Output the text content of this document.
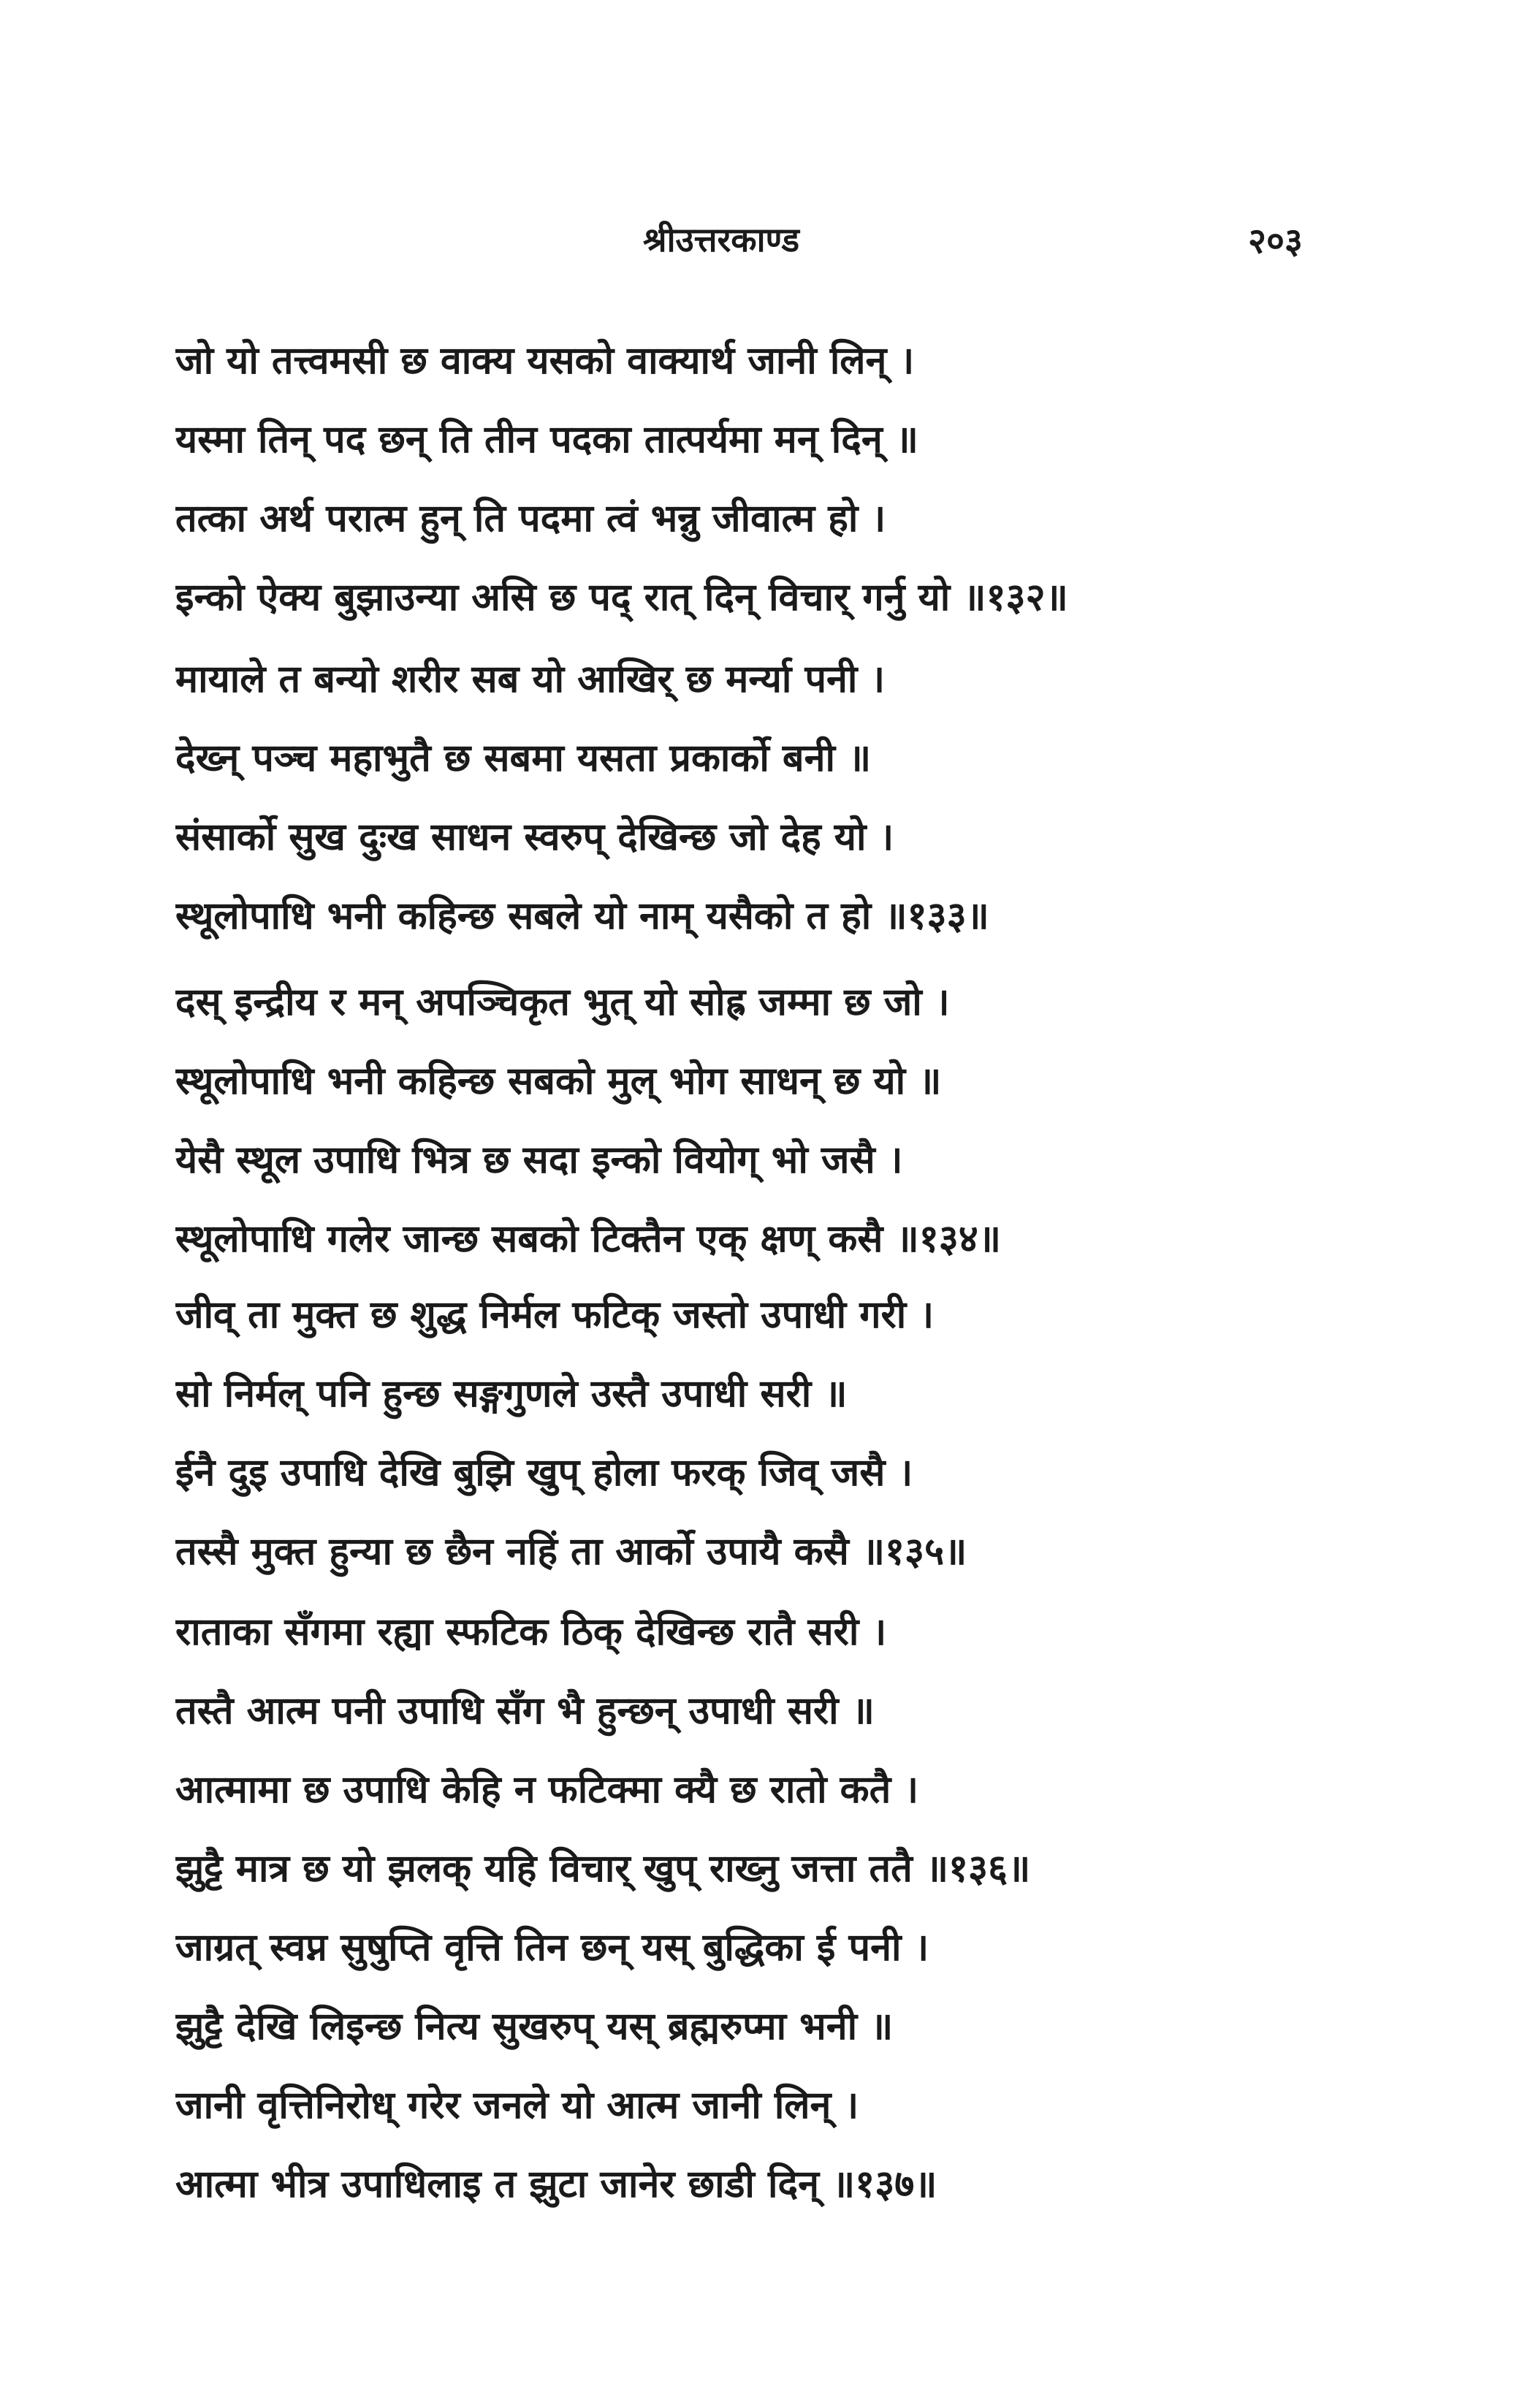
श्रीउत्तरकाण्ड	२०३
जो यो तत्त्वमसी छ वाक्य यसको वाक्यार्थ जानी लिन् ।
यस्मा तिन् पद छन् ति तीन पदका तात्पर्यमा मन् दिन् ॥
तत्का अर्थ परात्म हुन् ति पदमा त्वं भन्नु जीवात्म हो ।
इन्को ऐक्य बुझाउन्या असि छ पद् रात् दिन् विचार् गर्नु यो ॥१३२॥
मायाले त बन्यो शरीर सब यो आखिर् छ मर्न्या पनी ।
देख्न् पञ्च महाभुतै छ सबमा यसता प्रकार्को बनी ॥
संसार्को सुख दुःख साधन स्वरुप् देखिन्छ जो देह यो ।
स्थूलोपाधि भनी कहिन्छ सबले यो नाम् यसैको त हो ॥१३३॥
दस् इन्द्रीय र मन् अपञ्चिकृत भुत् यो सोह्र जम्मा छ जो ।
स्थूलोपाधि भनी कहिन्छ सबको मुल् भोग साधन् छ यो ॥
येसै स्थूल उपाधि भित्र छ सदा इन्को वियोग् भो जसै ।
स्थूलोपाधि गलेर जान्छ सबको टिक्तैन एक् क्षण् कसै ॥१३४॥
जीव् ता मुक्त छ शुद्ध निर्मल फटिक् जस्तो उपाधी गरी ।
सो निर्मल् पनि हुन्छ सङ्गगुणले उस्तै उपाधी सरी ॥
ईनै दुइ उपाधि देखि बुझि खुप् होला फरक् जिव् जसै ।
तस्सै मुक्त हुन्या छ छैन नहिं ता आर्को उपायै कसै ॥१३५॥
राताका सँगमा रह्या स्फटिक ठिक् देखिन्छ रातै सरी ।
तस्तै आत्म पनी उपाधि सँग भै हुन्छन् उपाधी सरी ॥
आत्मामा छ उपाधि केहि न फटिक्मा क्यै छ रातो कतै ।
झुट्टै मात्र छ यो झलक् यहि विचार् खुप् राख्नु जत्ता ततै ॥१३६॥
जाग्रत् स्वप्न सुषुप्ति वृत्ति तिन छन् यस् बुद्धिका ई पनी ।
झुट्टै देखि लिइन्छ नित्य सुखरुप् यस् ब्रह्मरुप्मा भनी ॥
जानी वृत्तिनिरोध् गरेर जनले यो आत्म जानी लिन् ।
आत्मा भीत्र उपाधिलाइ त झुटा जानेर छाडी दिन् ॥१३७॥
